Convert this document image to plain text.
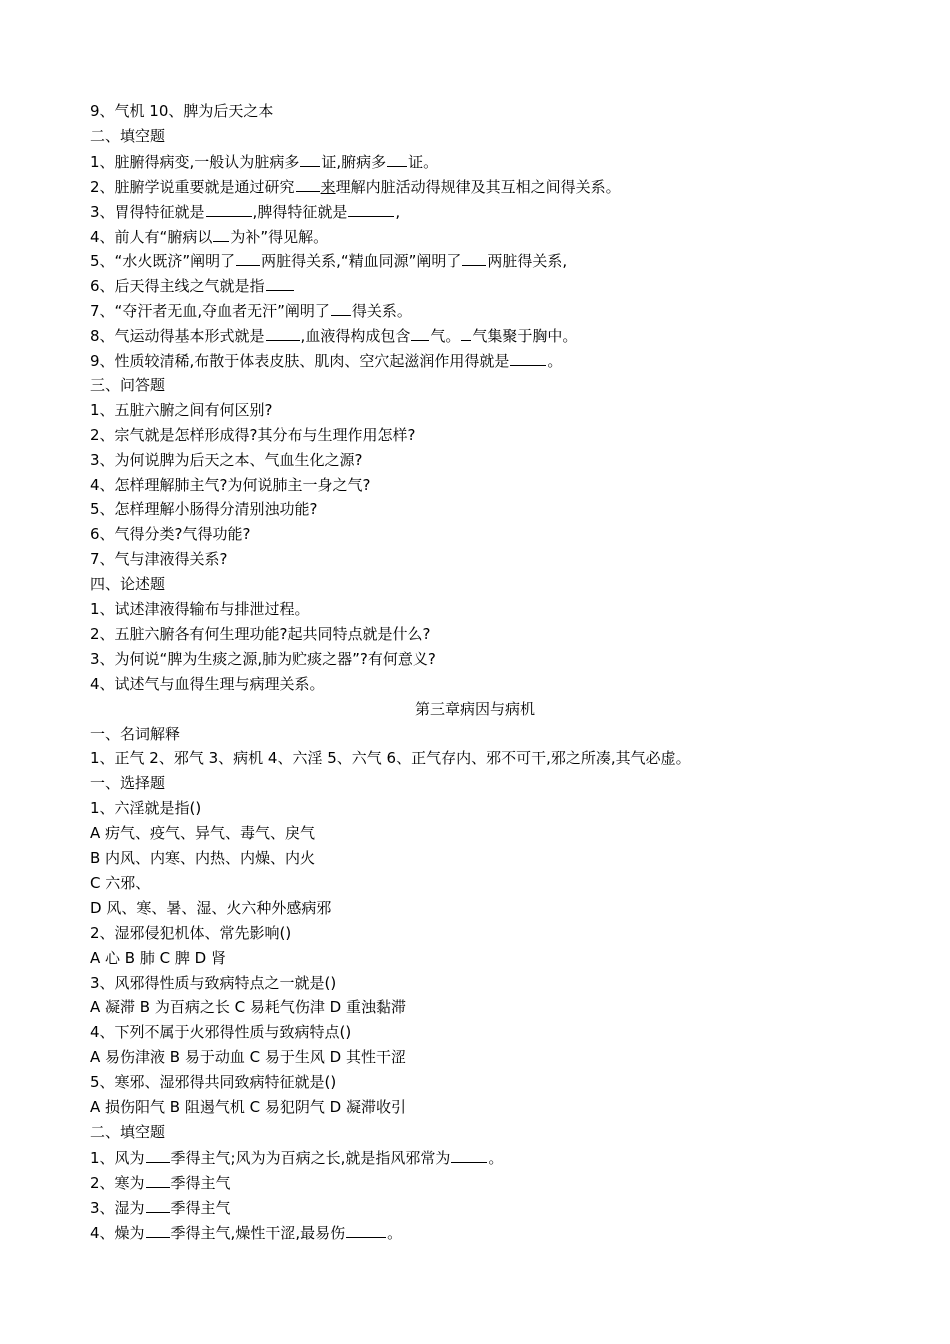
9、气机 10、脾为后天之本
二、填空题
1、脏腑得病变,一般认为脏病多 证,腑病多 证。
2、脏腑学说重要就是通过研究 来理解内脏活动得规律及其互相之间得关系。
3、胃得特征就是	,脾得特征就是	,
4、前人有“腑病以 为补”得见解。
5、“水火既济”阐明了 两脏得关系,“精血同源”阐明了 两脏得关系,
6、后天得主线之气就是指
7、“夺汗者无血,夺血者无汗”阐明了 得关系。
8、气运动得基本形式就是 ,血液得构成包含 气。 气集聚于胸中。
9、性质较清稀,布散于体表皮肤、肌肉、空穴起滋润作用得就是	。
三、问答题
1、五脏六腑之间有何区别?
2、宗气就是怎样形成得?其分布与生理作用怎样?
3、为何说脾为后天之本、气血生化之源?
4、怎样理解肺主气?为何说肺主一身之气?
5、怎样理解小肠得分清别浊功能?
6、气得分类?气得功能?
7、气与津液得关系?
四、论述题
1、试述津液得输布与排泄过程。
2、五脏六腑各有何生理功能?起共同特点就是什么?
3、为何说“脾为生痰之源,肺为贮痰之器”?有何意义?
4、试述气与血得生理与病理关系。
第三章病因与病机
一、名词解释
1、正气 2、邪气 3、病机 4、六淫 5、六气 6、正气存内、邪不可干,邪之所凑,其气必虚。
一、选择题
1、六淫就是指()
A 疠气、疫气、异气、毒气、戾气
B 内风、内寒、内热、内燥、内火
C 六邪、
D 风、寒、暑、湿、火六种外感病邪
2、湿邪侵犯机体、常先影响()
A 心 B 肺 C 脾 D 肾
3、风邪得性质与致病特点之一就是()
A 凝滞 B 为百病之长 C 易耗气伤津 D 重浊黏滞
4、下列不属于火邪得性质与致病特点()
A 易伤津液 B 易于动血 C 易于生风 D 其性干涩
5、寒邪、湿邪得共同致病特征就是()
A 损伤阳气 B 阻遏气机 C 易犯阴气 D 凝滞收引
二、填空题
1、风为 季得主气;风为为百病之长,就是指风邪常为	。
2、寒为 季得主气
3、湿为 季得主气
4、燥为 季得主气,燥性干涩,最易伤	。
